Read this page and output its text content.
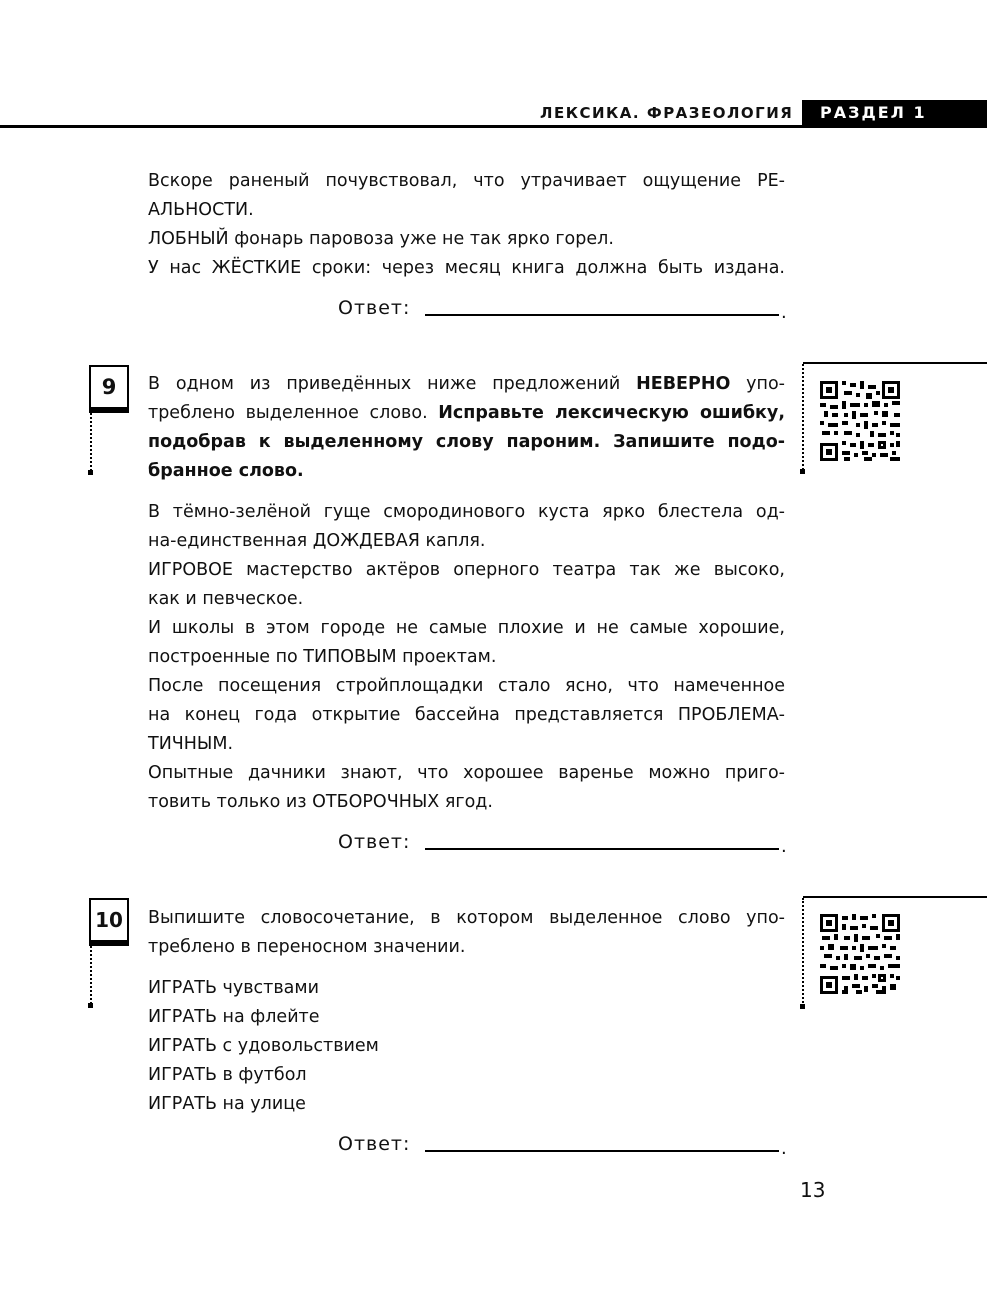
ЛЕКСИКА. ФРАЗЕОЛОГИЯ	РАЗДЕЛ 1
Вскоре раненый почувствовал, что утрачивает ощущение РЕ-
АЛЬНОСТИ.
ЛОБНЫЙ фонарь паровоза уже не так ярко горел.
У нас ЖЁСТКИЕ сроки: через месяц книга должна быть издана.
Ответ:	.
9	В одном из приведённых ниже предложений НЕВЕРНО упо-
треблено выделенное слово. Исправьте лексическую ошибку,
подобрав к выделенному слову пароним. Запишите подо-
бранное слово.
В тёмно-зелёной гуще смородинового куста ярко блестела од-
на-единственная ДОЖДЕВАЯ капля.
ИГРОВОЕ мастерство актёров оперного театра так же высоко,
как и певческое.
И школы в этом городе не самые плохие и не самые хорошие,
построенные по ТИПОВЫМ проектам.
После посещения стройплощадки стало ясно, что намеченное
на конец года открытие бассейна представляется ПРОБЛЕМА-
ТИЧНЫМ.
Опытные дачники знают, что хорошее варенье можно приго-
товить только из ОТБОРОЧНЫХ ягод.
Ответ:	.
10	Выпишите словосочетание, в котором выделенное слово упо-
треблено в переносном значении.
ИГРАТЬ чувствами
ИГРАТЬ на флейте
ИГРАТЬ с удовольствием
ИГРАТЬ в футбол
ИГРАТЬ на улице
Ответ:	.
13
